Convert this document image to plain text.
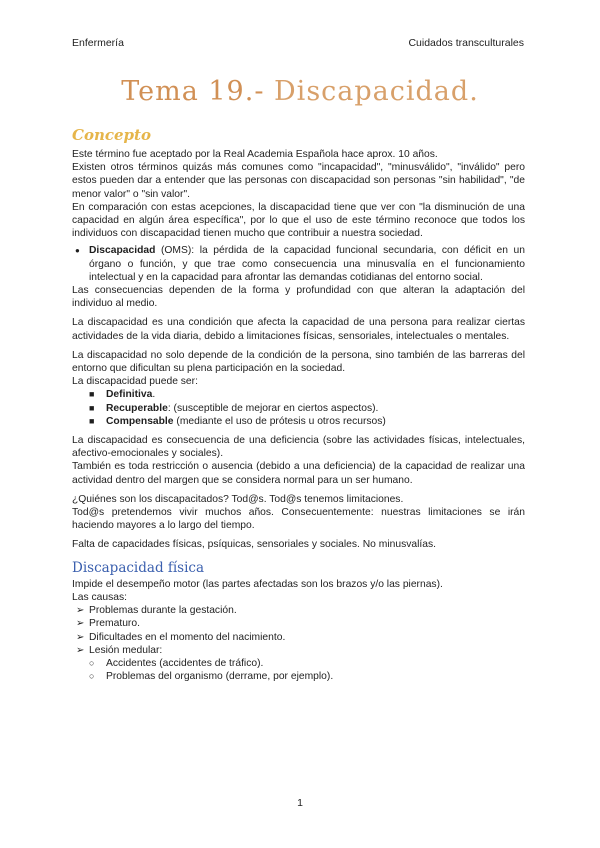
Enfermería	Cuidados transculturales
Tema 19.- Discapacidad.
Concepto

Este término fue aceptado por la Real Academia Española hace aprox. 10 años.

Existen otros términos quizás más comunes como "incapacidad", "minusválido", "inválido" pero estos pueden dar a entender que las personas con discapacidad son personas "sin habilidad", "de menor valor" o "sin valor".

En comparación con estas acepciones, la discapacidad tiene que ver con "la disminución de una capacidad en algún área específica", por lo que el uso de este término reconoce que todos los individuos con discapacidad tienen mucho que contribuir a nuestra sociedad.

● Discapacidad (OMS): la pérdida de la capacidad funcional secundaria, con déficit en un órgano o función, y que trae como consecuencia una minusvalía en el funcionamiento intelectual y en la capacidad para afrontar las demandas cotidianas del entorno social.

Las consecuencias dependen de la forma y profundidad con que alteran la adaptación del individuo al medio.

La discapacidad es una condición que afecta la capacidad de una persona para realizar ciertas actividades de la vida diaria, debido a limitaciones físicas, sensoriales, intelectuales o mentales.

La discapacidad no solo depende de la condición de la persona, sino también de las barreras del entorno que dificultan su plena participación en la sociedad.

La discapacidad puede ser:

■ Definitiva.
■ Recuperable: (susceptible de mejorar en ciertos aspectos).
■ Compensable (mediante el uso de prótesis u otros recursos)

La discapacidad es consecuencia de una deficiencia (sobre las actividades físicas, intelectuales, afectivo-emocionales y sociales).

También es toda restricción o ausencia (debido a una deficiencia) de la capacidad de realizar una actividad dentro del margen que se considera normal para un ser humano.

¿Quiénes son los discapacitados? Tod@s. Tod@s tenemos limitaciones.

Tod@s pretendemos vivir muchos años. Consecuentemente: nuestras limitaciones se irán haciendo mayores a lo largo del tiempo.

Falta de capacidades físicas, psíquicas, sensoriales y sociales. No minusvalías.

Discapacidad física

Impide el desempeño motor (las partes afectadas son los brazos y/o las piernas).

Las causas:

➢ Problemas durante la gestación.
➢ Prematuro.
➢ Dificultades en el momento del nacimiento.
➢ Lesión medular:
○ Accidentes (accidentes de tráfico).
○ Problemas del organismo (derrame, por ejemplo).
1
